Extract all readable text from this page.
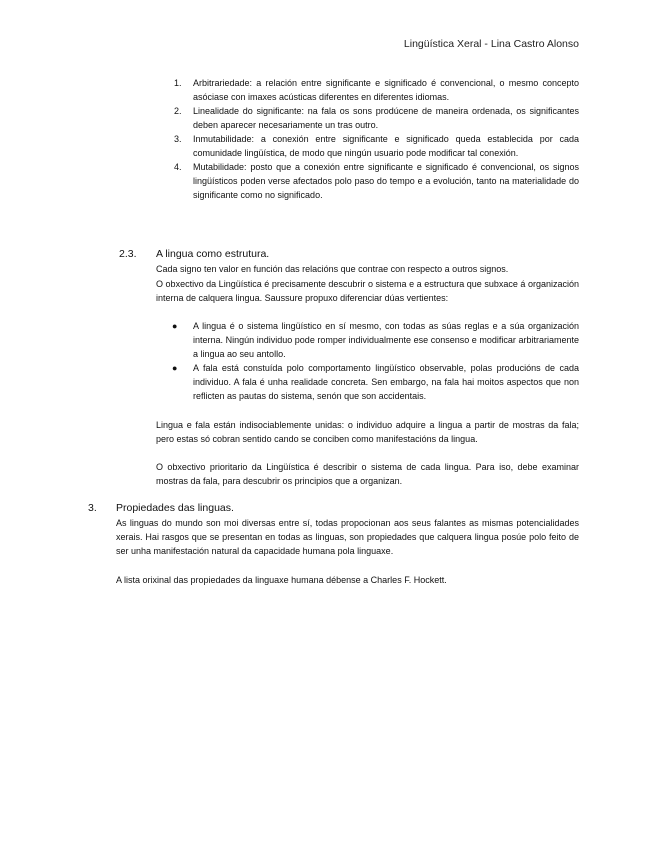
Lingüística Xeral - Lina Castro Alonso
1. Arbitrariedade: a relación entre significante e significado é convencional, o mesmo concepto asóciase con imaxes acústicas diferentes en diferentes idiomas.
2. Linealidade do significante: na fala os sons prodúcene de maneira ordenada, os significantes deben aparecer necesariamente un tras outro.
3. Inmutabilidade: a conexión entre significante e significado queda establecida por cada comunidade lingüística, de modo que ningún usuario pode modificar tal conexión.
4. Mutabilidade: posto que a conexión entre significante e significado é convencional, os signos lingüísticos poden verse afectados polo paso do tempo e a evolución, tanto na materialidade do significante como no significado.
2.3. A lingua como estrutura.
Cada signo ten valor en función das relacións que contrae con respecto a outros signos.
O obxectivo da Lingüística é precisamente descubrir o sistema e a estructura que subxace á organización interna de calquera lingua. Saussure propuxo diferenciar dúas vertientes:
● A lingua é o sistema lingüístico en sí mesmo, con todas as súas reglas e a súa organización interna. Ningún individuo pode romper individualmente ese consenso e modificar arbitrariamente a lingua ao seu antollo.
● A fala está constuída polo comportamento lingüístico observable, polas producións de cada individuo. A fala é unha realidade concreta. Sen embargo, na fala hai moitos aspectos que non reflicten as pautas do sistema, senón que son accidentais.
Lingua e fala están indisociablemente unidas: o individuo adquire a lingua a partir de mostras da fala; pero estas só cobran sentido cando se conciben como manifestacións da lingua.
O obxectivo prioritario da Lingüística é describir o sistema de cada lingua. Para iso, debe examinar mostras da fala, para descubrir os principios que a organizan.
3. Propiedades das linguas.
As linguas do mundo son moi diversas entre sí, todas propocionan aos seus falantes as mismas potencialidades xerais. Hai rasgos que se presentan en todas as linguas, son propiedades que calquera lingua posúe polo feito de ser unha manifestación natural da capacidade humana pola linguaxe.
A lista orixinal das propiedades da linguaxe humana débense a Charles F. Hockett.
